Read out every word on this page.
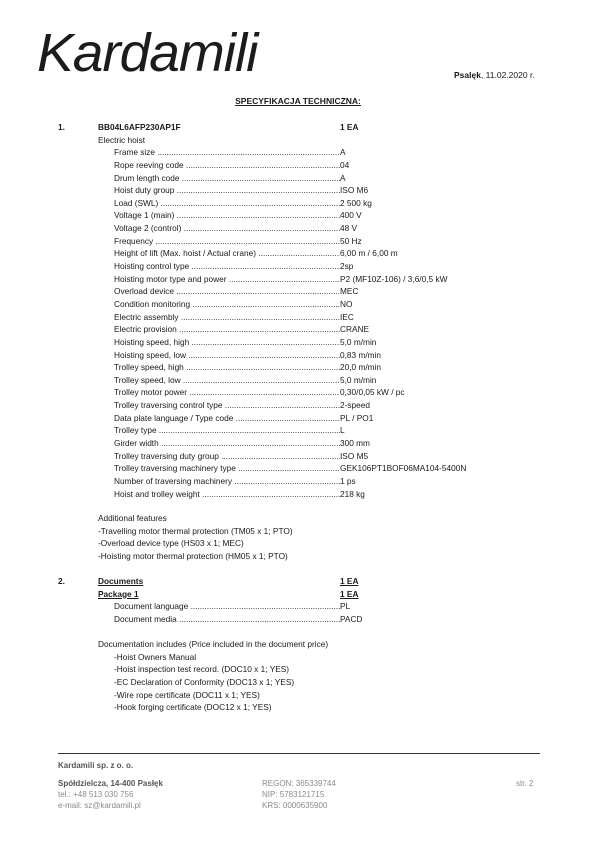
Kardamili	Psalęk, 11.02.2020 r.
SPECYFIKACJA TECHNICZNA:
1.	BB04L6AFP230AP1F	1 EA
Electric hoist
Frame size .....	A
Rope reeving code .....	04
Drum length code .....	A
Hoist duty group .....	ISO M6
Load (SWL) .....	2 500 kg
Voltage 1 (main) .....	400 V
Voltage 2 (control) .....	48 V
Frequency .....	50 Hz
Height of lift (Max. hoist / Actual crane) .....	6,00 m / 6,00 m
Hoisting control type .....	2sp
Hoisting motor type and power .....	P2 (MF10Z-106) / 3,6/0,5 kW
Overload device .....	MEC
Condition monitoring .....	NO
Electric assembly .....	IEC
Electric provision .....	CRANE
Hoisting speed, high .....	5,0 m/min
Hoisting speed, low .....	0,83 m/min
Trolley speed, high .....	20,0 m/min
Trolley speed, low .....	5,0 m/min
Trolley motor power .....	0,30/0,05 kW / pc
Trolley traversing control type .....	2-speed
Data plate language / Type code .....	PL / PO1
Trolley type .....	L
Girder width .....	300 mm
Trolley traversing duty group .....	ISO M5
Trolley traversing machinery type .....	GEK106PT1BOF06MA104-5400N
Number of traversing machinery .....	1 ps
Hoist and trolley weight .....	218 kg
Additional features
-Travelling motor thermal protection (TM05 x 1; PTO)
-Overload device type (HS03 x 1; MEC)
-Hoisting motor thermal protection (HM05 x 1; PTO)
2.	Documents	1 EA
Package 1	1 EA
Document language .....	PL
Document media .....	PACD
Documentation includes (Price included in the document price)
-Hoist Owners Manual
-Hoist inspection test record. (DOC10 x 1; YES)
-EC Declaration of Conformity (DOC13 x 1; YES)
-Wire rope certificate (DOC11 x 1; YES)
-Hook forging certificate (DOC12 x 1; YES)
Kardamili sp. z o. o.
Spółdzielcza, 14-400 Pasłęk
tel.: +48 513 030 756
e-mail: sz@kardamili.pl
REGON: 365339744
NIP: 5783121715
KRS: 0000635900
str. 2
